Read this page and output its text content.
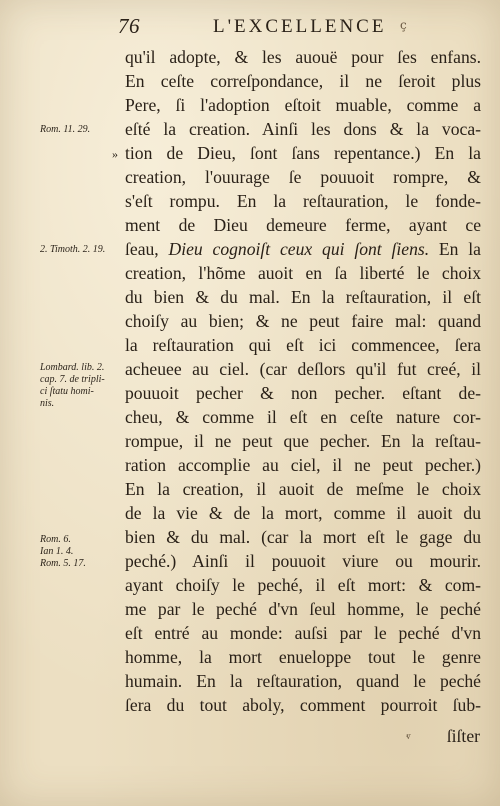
76	L'EXCELLENCE ç
qu'il adopte, & les auouë pour ſes enfans.
En ceſte correſpondance, il ne ſeroit plus
Pere, ſi l'adoption eſtoit muable, comme a
eſté la creation. Ainſi les dons & la voca-
tion de Dieu, ſont ſans repentance.) En la
creation, l'ouurage ſe pouuoit rompre, &
s'eſt rompu. En la reſtauration, le fonde-
ment de Dieu demeure ferme, ayant ce
ſeau, Dieu cognoiſt ceux qui ſont ſiens. En la
creation, l'hõme auoit en ſa liberté le choix
du bien & du mal. En la reſtauration, il eſt
choiſy au bien; & ne peut faire mal: quand
la reſtauration qui eſt ici commencee, ſera
acheuee au ciel. (car deſlors qu'il fut creé, il
pouuoit pecher & non pecher. eſtant de-
cheu, & comme il eſt en ceſte nature cor-
rompue, il ne peut que pecher. En la reſtau-
ration accomplie au ciel, il ne peut pecher.)
En la creation, il auoit de meſme le choix
de la vie & de la mort, comme il auoit du
bien & du mal. (car la mort eſt le gage du
peché.) Ainſi il pouuoit viure ou mourir.
ayant choiſy le peché, il eſt mort: & com-
me par le peché d'vn ſeul homme, le peché
eſt entré au monde: auſsi par le peché d'vn
homme, la mort enueloppe tout le genre
humain. En la reſtauration, quand le peché
ſera du tout aboly, comment pourroit ſub-
Rom. 11. 29.
»
2. Timoth. 2. 19.
Lombard. lib. 2.
cap. 7. de tripli-
ci ſtatu homi-
nis.
Rom. 6.
Ian 1. 4.
Rom. 5. 17.
ⱴ	ſiſter
